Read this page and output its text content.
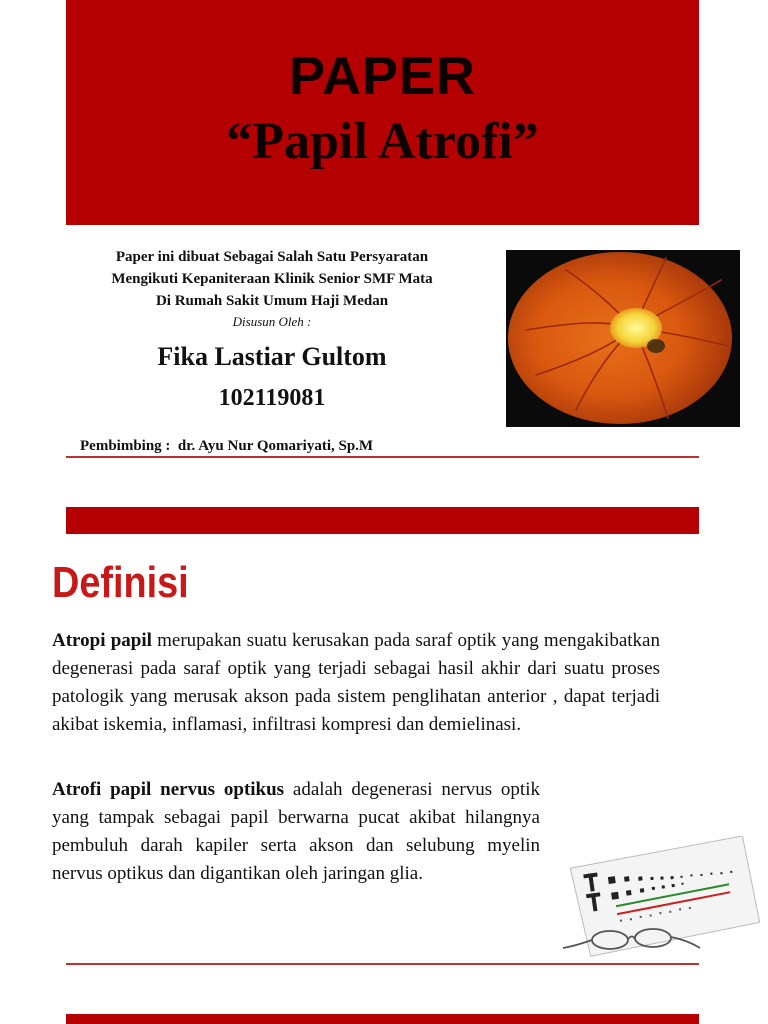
PAPER
“Papil Atrofi”
Paper ini dibuat Sebagai Salah Satu Persyaratan
Mengikuti Kepaniteraan Klinik Senior SMF Mata
Di Rumah Sakit Umum Haji Medan
Disusun Oleh :
Fika Lastiar Gultom
102119081
Pembimbing : dr. Ayu Nur Qomariyati, Sp.M
Definisi
Atropi papil merupakan suatu kerusakan pada saraf optik yang mengakibatkan degenerasi pada saraf optik yang terjadi sebagai hasil akhir dari suatu proses patologik yang merusak akson pada sistem penglihatan anterior , dapat terjadi akibat iskemia, inflamasi, infiltrasi kompresi dan demielinasi.
Atrofi papil nervus optikus adalah degenerasi nervus optik yang tampak sebagai papil berwarna pucat akibat hilangnya pembuluh darah kapiler serta akson dan selubung myelin nervus optikus dan digantikan oleh jaringan glia.
